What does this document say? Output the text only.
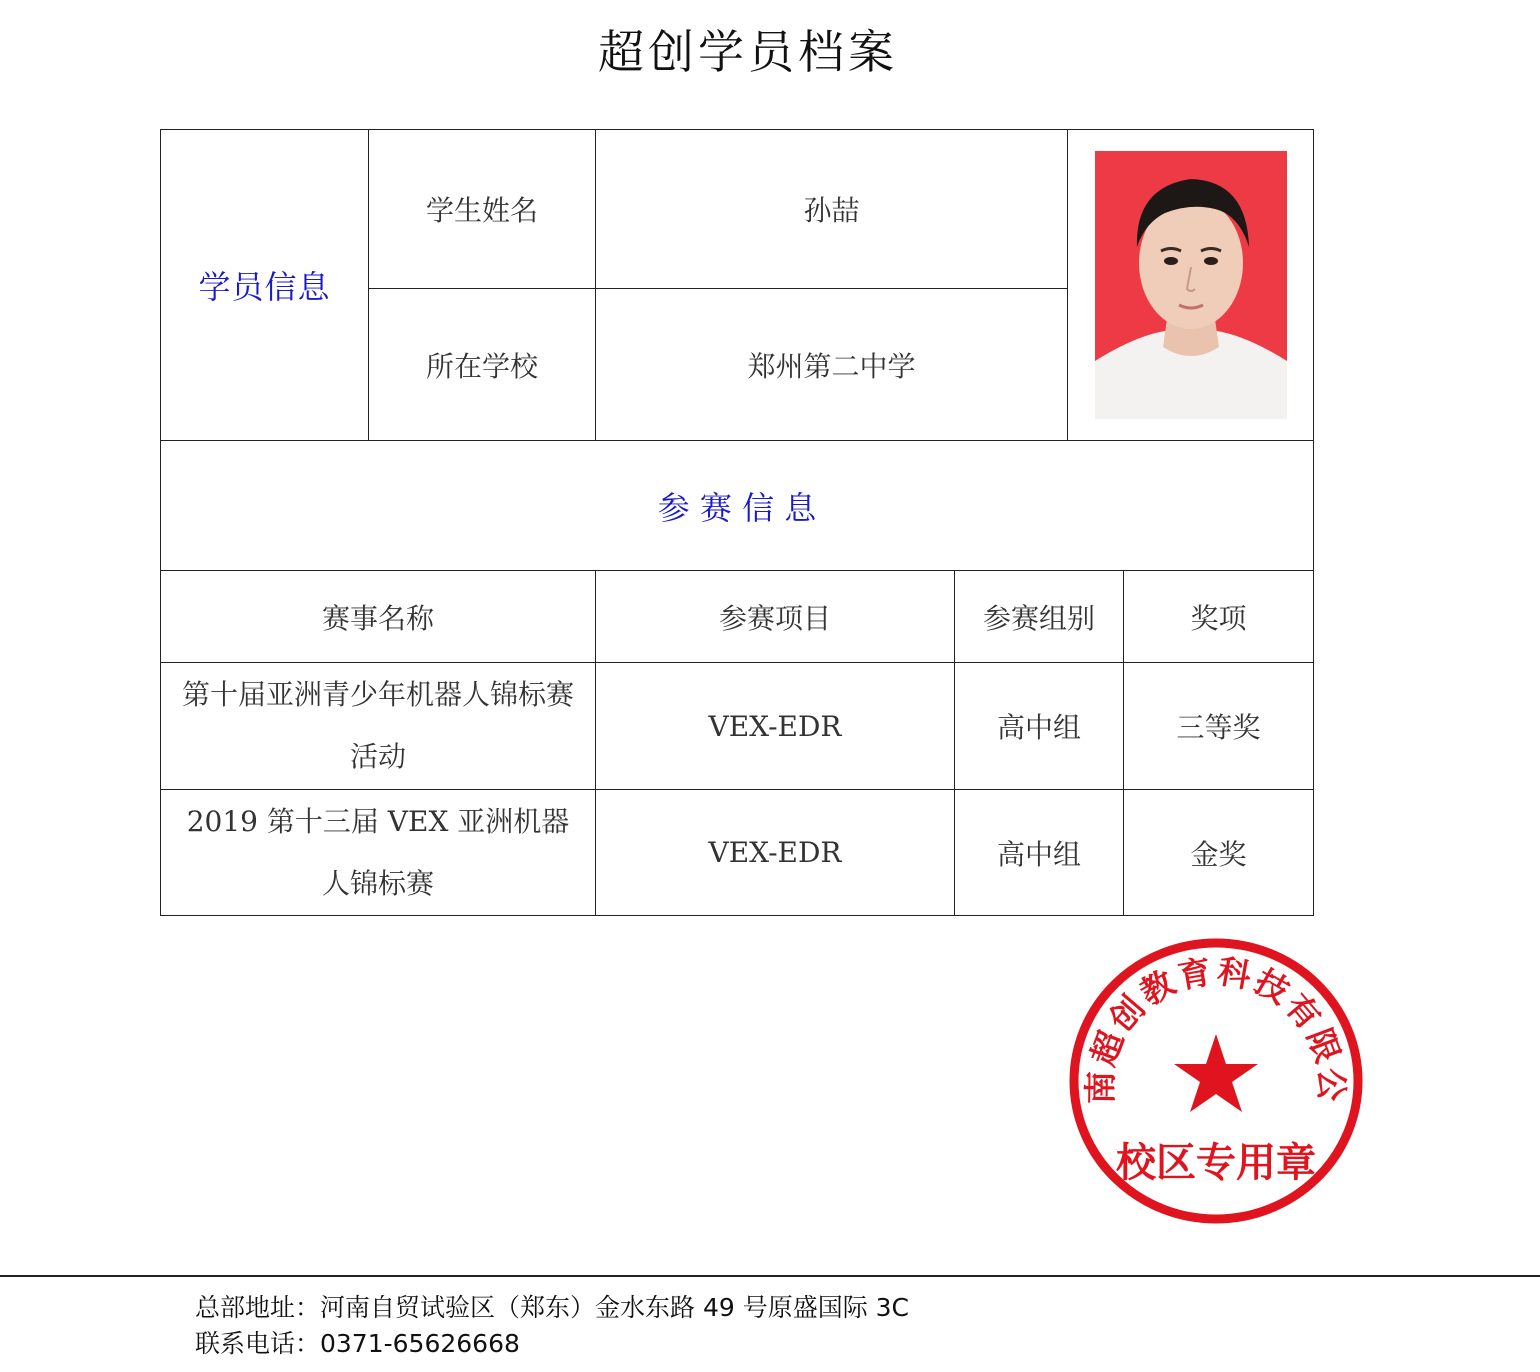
超创学员档案
学员信息	学生姓名	孙喆	

	所在学校	郑州第二中学			
参 赛 信 息					
赛事名称		参赛项目	参赛组别		奖项
第十届亚洲青少年机器人锦标赛活动		VEX-EDR	高中组		三等奖
2019 第十三届 VEX 亚洲机器人锦标赛		VEX-EDR	高中组		金奖
南超创教育科技有限公
校区专用章
总部地址：河南自贸试验区（郑东）金水东路 49 号原盛国际 3C
联系电话：0371-65626668
